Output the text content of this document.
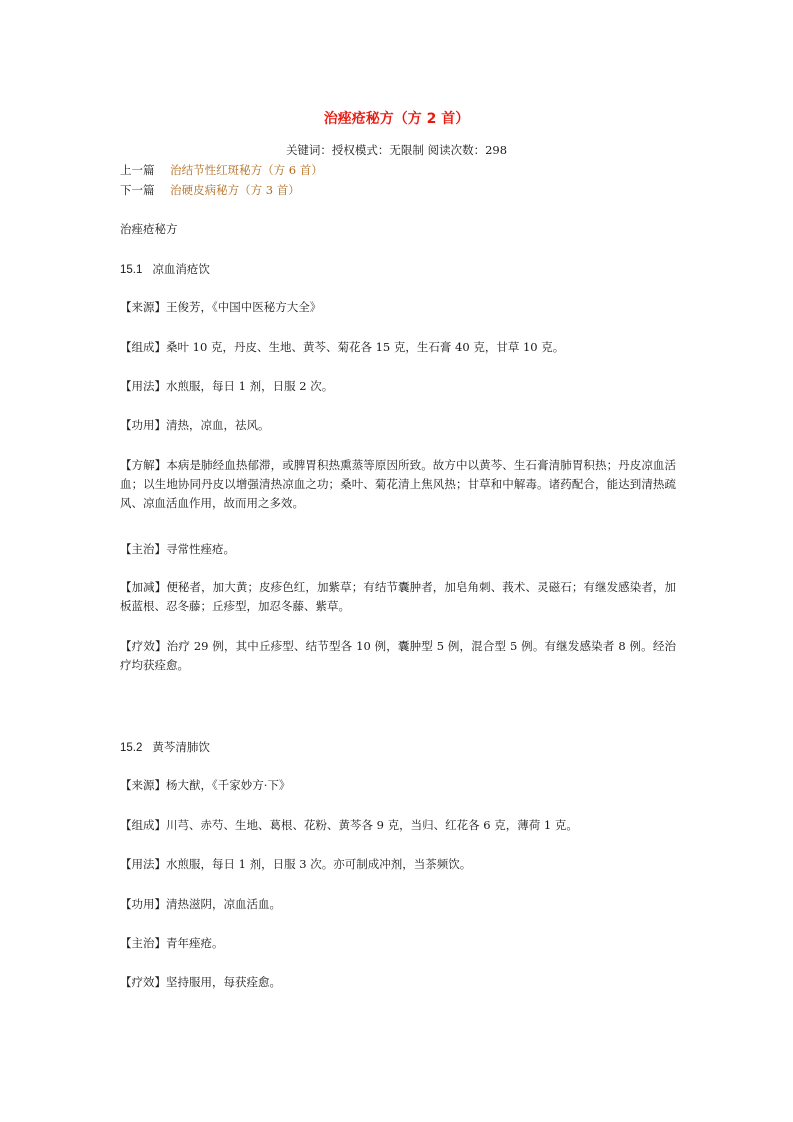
治痤疮秘方（方 2 首）
关键词：授权模式：无限制 阅读次数：298
上一篇 治结节性红斑秘方（方 6 首）
下一篇 治硬皮病秘方（方 3 首）
治痤疮秘方
15.1 凉血消疮饮
【来源】王俊芳，《中国中医秘方大全》
【组成】桑叶 10 克，丹皮、生地、黄芩、菊花各 15 克，生石膏 40 克，甘草 10 克。
【用法】水煎服，每日 1 剂，日服 2 次。
【功用】清热，凉血，祛风。
【方解】本病是肺经血热郁滞，或脾胃积热熏蒸等原因所致。故方中以黄芩、生石膏清肺胃积热；丹皮凉血活血；以生地协同丹皮以增强清热凉血之功；桑叶、菊花清上焦风热；甘草和中解毒。诸药配合，能达到清热疏风、凉血活血作用，故而用之多效。
【主治】寻常性痤疮。
【加减】便秘者，加大黄；皮疹色红，加紫草；有结节囊肿者，加皂角刺、莪术、灵磁石；有继发感染者，加板蓝根、忍冬藤；丘疹型，加忍冬藤、紫草。
【疗效】治疗 29 例，其中丘疹型、结节型各 10 例，囊肿型 5 例，混合型 5 例。有继发感染者 8 例。经治疗均获痊愈。
15.2 黄芩清肺饮
【来源】杨大猷，《千家妙方·下》
【组成】川芎、赤芍、生地、葛根、花粉、黄芩各 9 克，当归、红花各 6 克，薄荷 1 克。
【用法】水煎服，每日 1 剂，日服 3 次。亦可制成冲剂，当茶频饮。
【功用】清热滋阴，凉血活血。
【主治】青年痤疮。
【疗效】坚持服用，每获痊愈。
